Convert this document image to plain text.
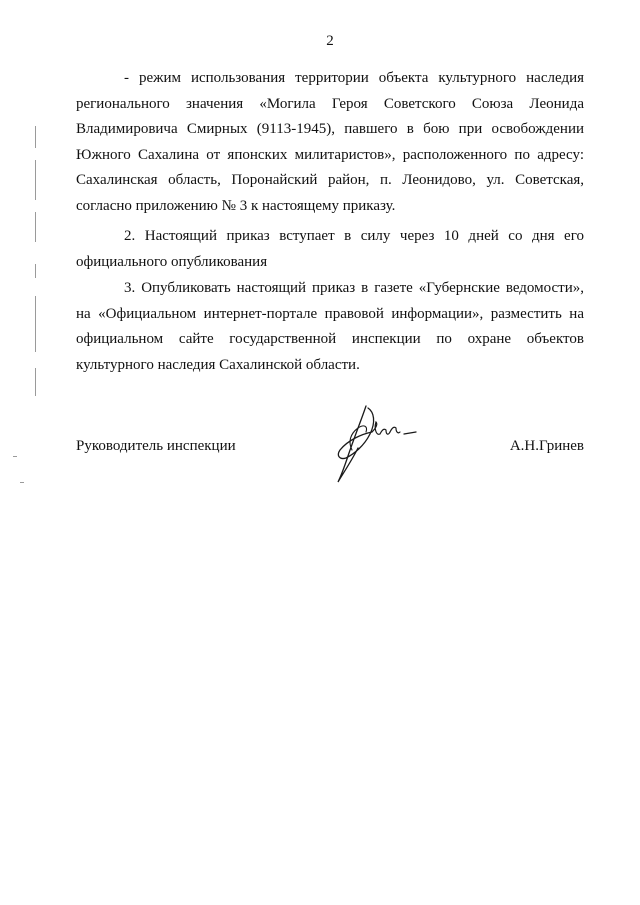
2

- режим использования территории объекта культурного наследия регионального значения «Могила Героя Советского Союза Леонида Владимировича Смирных (9113-1945), павшего в бою при освобождении Южного Сахалина от японских милитаристов», расположенного по адресу: Сахалинская область, Поронайский район, п. Леонидово, ул. Советская, согласно приложению № 3 к настоящему приказу.

2. Настоящий приказ вступает в силу через 10 дней со дня его официального опубликования

3. Опубликовать настоящий приказ в газете «Губернские ведомости», на «Официальном интернет-портале правовой информации», разместить на официальном сайте государственной инспекции по охране объектов культурного наследия Сахалинской области.

Руководитель инспекции	А.Н.Гринев
